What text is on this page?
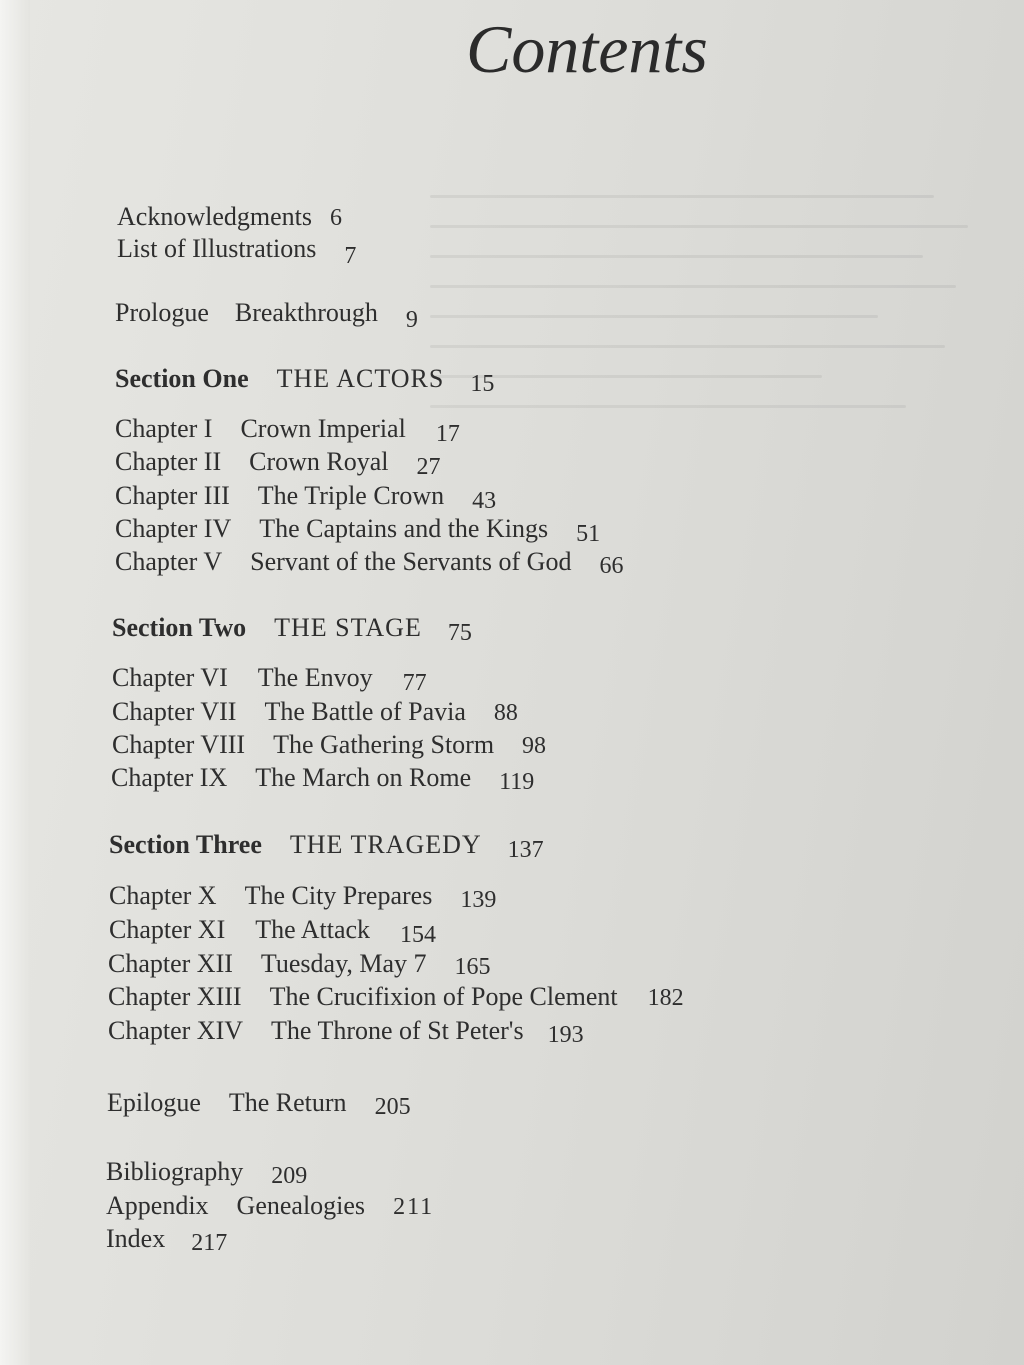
Contents
Acknowledgments 6
List of Illustrations 7
Prologue Breakthrough 9
Section One THE ACTORS 15
Chapter I Crown Imperial 17
Chapter II Crown Royal 27
Chapter III The Triple Crown 43
Chapter IV The Captains and the Kings 51
Chapter V Servant of the Servants of God 66
Section Two THE STAGE 75
Chapter VI The Envoy 77
Chapter VII The Battle of Pavia 88
Chapter VIII The Gathering Storm 98
Chapter IX The March on Rome 119
Section Three THE TRAGEDY 137
Chapter X The City Prepares 139
Chapter XI The Attack 154
Chapter XII Tuesday, May 7 165
Chapter XIII The Crucifixion of Pope Clement 182
Chapter XIV The Throne of St Peter's 193
Epilogue The Return 205
Bibliography 209
Appendix Genealogies 211
Index 217
